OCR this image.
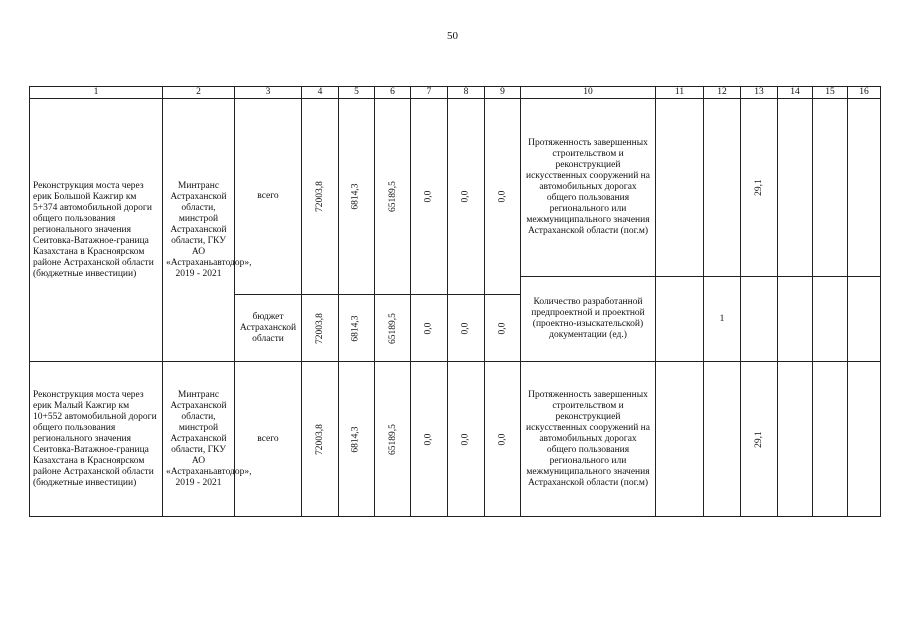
50
1	2	3	4	5	6	7	8	9	10	11	12	13	14	15	16
Реконструкция моста через ерик Большой Кажгир км 5+374 автомобильной дороги общего пользования регионального значения Сеитовка-Ватажное-граница Казахстана в Красноярском районе Астраханской области (бюджетные инвестиции)	Минтранс Астраханской области, минстрой Астраханской области, ГКУ АО «Астраханьавтодор», 2019 - 2021	всего	72003,8	6814,3	65189,5	0,0	0,0	0,0	Протяженность завершенных строительством и реконструкцией искусственных сооружений на автомобильных дорогах общего пользования регионального или межмуниципального значения Астраханской области (пог.м)			29,1			
									Количество разработанной предпроектной и проектной (проектно-изыскательской) документации (ед.)		1				
		бюджет Астраханской области	72003,8	6814,3	65189,5	0,0	0,0	0,0							
Реконструкция моста через ерик Малый Кажгир км 10+552 автомобильной дороги общего пользования регионального значения Сеитовка-Ватажное-граница Казахстана в Красноярском районе Астраханской области (бюджетные инвестиции)	Минтранс Астраханской области, минстрой Астраханской области, ГКУ АО «Астраханьавтодор», 2019 - 2021	всего	72003,8	6814,3	65189,5	0,0	0,0	0,0	Протяженность завершенных строительством и реконструкцией искусственных сооружений на автомобильных дорогах общего пользования регионального или межмуниципального значения Астраханской области (пог.м)			29,1			
